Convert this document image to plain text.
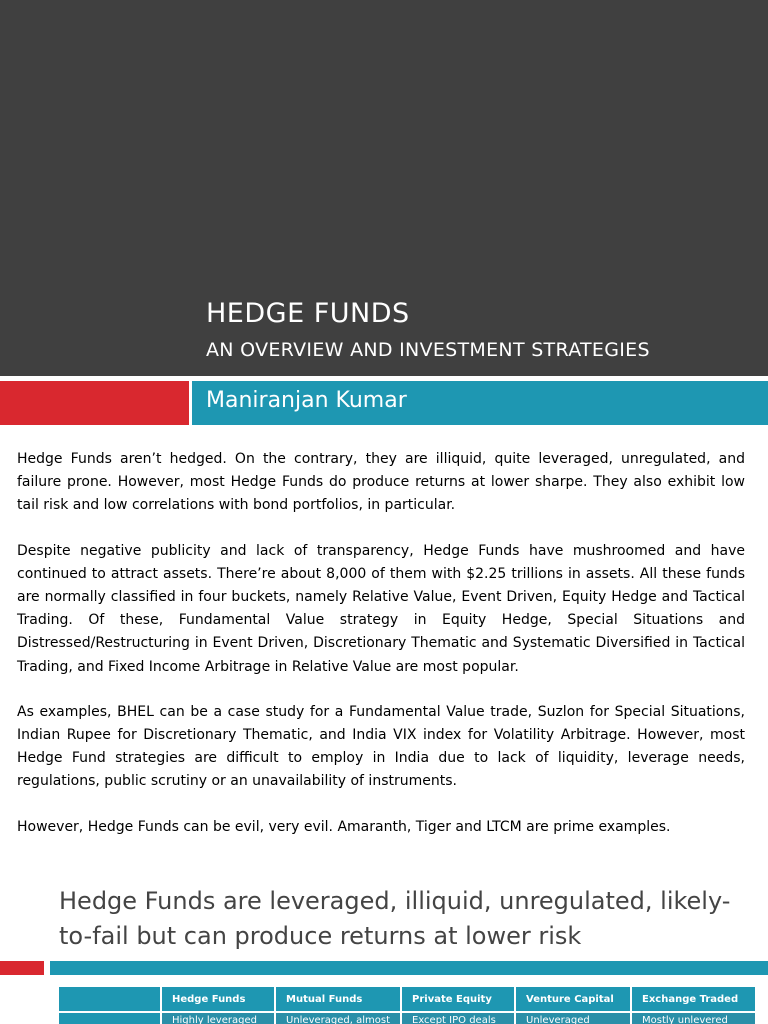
HEDGE FUNDS
AN OVERVIEW AND INVESTMENT STRATEGIES
Maniranjan Kumar

Hedge Funds aren’t hedged. On the contrary, they are illiquid, quite leveraged, unregulated, and failure prone. However, most Hedge Funds do produce returns at lower sharpe. They also exhibit low tail risk and low correlations with bond portfolios, in particular.

Despite negative publicity and lack of transparency, Hedge Funds have mushroomed and have continued to attract assets. There’re about 8,000 of them with $2.25 trillions in assets. All these funds are normally classified in four buckets, namely Relative Value, Event Driven, Equity Hedge and Tactical Trading. Of these, Fundamental Value strategy in Equity Hedge, Special Situations and Distressed/Restructuring in Event Driven, Discretionary Thematic and Systematic Diversified in Tactical Trading, and Fixed Income Arbitrage in Relative Value are most popular.

As examples, BHEL can be a case study for a Fundamental Value trade, Suzlon for Special Situations, Indian Rupee for Discretionary Thematic, and India VIX index for Volatility Arbitrage. However, most Hedge Fund strategies are difficult to employ in India due to lack of liquidity, leverage needs, regulations, public scrutiny or an unavailability of instruments.

However, Hedge Funds can be evil, very evil. Amaranth, Tiger and LTCM are prime examples.

Hedge Funds are leveraged, illiquid, unregulated, likely-to-fail but can produce returns at lower risk
	Hedge Funds	Mutual Funds	Private Equity	Venture Capital	Exchange Traded
	Highly leveraged	Unleveraged, almost	Except IPO deals	Unleveraged	Mostly unlevered
